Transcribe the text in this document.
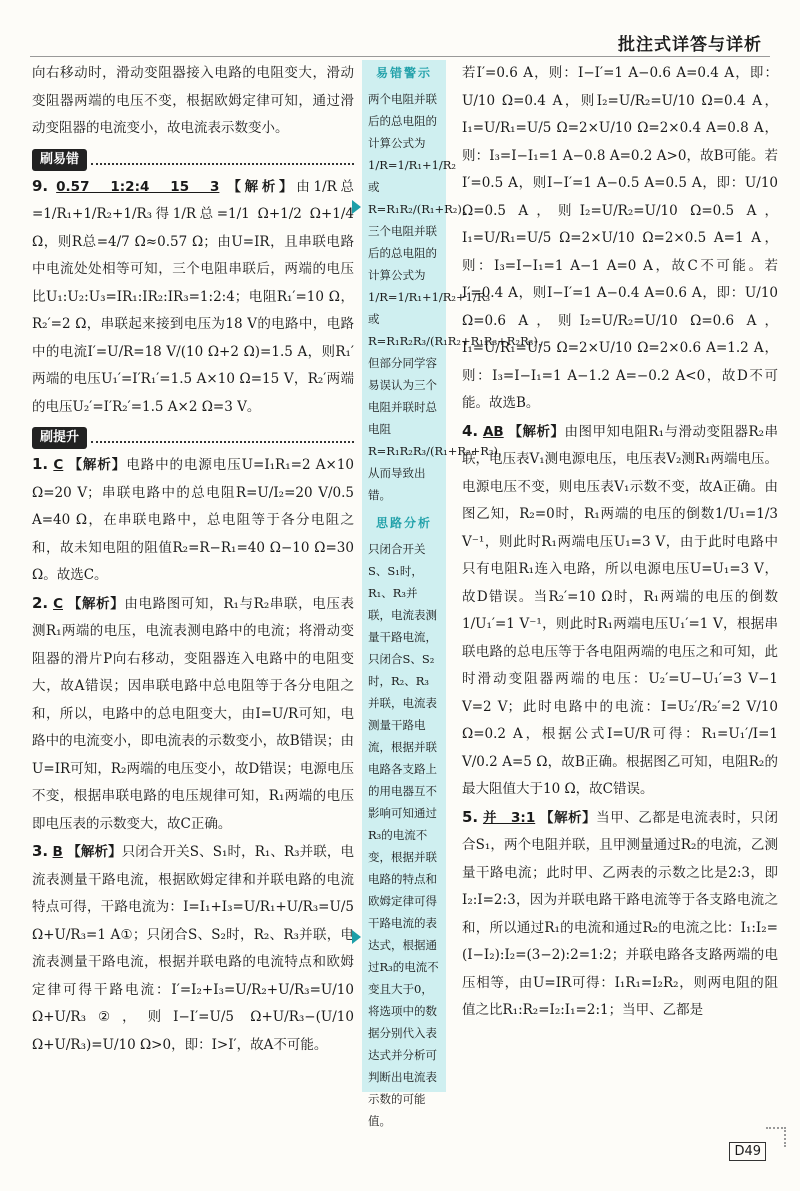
批注式详答与详析

向右移动时，滑动变阻器接入电路的电阻变大，滑动变阻器两端的电压不变，根据欧姆定律可知，通过滑动变阻器的电流变小，故电流表示数变小。

刷易错

9. 0.57　1:2:4　15　3 【解析】由1/R总=1/R₁+1/R₂+1/R₃得1/R总=1/1 Ω+1/2 Ω+1/4 Ω，则R总=4/7 Ω≈0.57 Ω；由U=IR，且串联电路中电流处处相等可知，三个电阻串联后，两端的电压比U₁:U₂:U₃=IR₁:IR₂:IR₃=1:2:4；电阻R₁′=10 Ω，R₂′=2 Ω，串联起来接到电压为18 V的电路中，电路中的电流I′=U/R=18 V/(10 Ω+2 Ω)=1.5 A，则R₁′两端的电压U₁′=I′R₁′=1.5 A×10 Ω=15 V，R₂′两端的电压U₂′=I′R₂′=1.5 A×2 Ω=3 V。

刷提升

1. C 【解析】电路中的电源电压U=I₁R₁=2 A×10 Ω=20 V；串联电路中的总电阻R=U/I₂=20 V/0.5 A=40 Ω，在串联电路中，总电阻等于各分电阻之和，故未知电阻的阻值R₂=R−R₁=40 Ω−10 Ω=30 Ω。故选C。

2. C 【解析】由电路图可知，R₁与R₂串联，电压表测R₁两端的电压，电流表测电路中的电流；将滑动变阻器的滑片P向右移动，变阻器连入电路中的电阻变大，故A错误；因串联电路中总电阻等于各分电阻之和，所以，电路中的总电阻变大，由I=U/R可知，电路中的电流变小，即电流表的示数变小，故B错误；由U=IR可知，R₂两端的电压变小，故D错误；电源电压不变，根据串联电路的电压规律可知，R₁两端的电压即电压表的示数变大，故C正确。

3. B 【解析】只闭合开关S、S₁时，R₁、R₃并联，电流表测量干路电流，根据欧姆定律和并联电路的电流特点可得，干路电流为：I=I₁+I₃=U/R₁+U/R₃=U/5 Ω+U/R₃=1 A①；只闭合S、S₂时，R₂、R₃并联，电流表测量干路电流，根据并联电路的电流特点和欧姆定律可得干路电流：I′=I₂+I₃=U/R₂+U/R₃=U/10 Ω+U/R₃②，则I−I′=U/5 Ω+U/R₃−(U/10 Ω+U/R₃)=U/10 Ω>0，即：I>I′，故A不可能。

易错警示

两个电阻并联后的总电阻的计算公式为1/R=1/R₁+1/R₂或R=R₁R₂/(R₁+R₂)，三个电阻并联后的总电阻的计算公式为1/R=1/R₁+1/R₂+1/R₃或R=R₁R₂R₃/(R₁R₂+R₁R₃+R₂R₃)，但部分同学容易误认为三个电阻并联时总电阻R=R₁R₂R₃/(R₁+R₂+R₃)，从而导致出错。

思路分析

只闭合开关S、S₁时，R₁、R₃并联，电流表测量干路电流，只闭合S、S₂时，R₂、R₃并联，电流表测量干路电流，根据并联电路各支路上的用电器互不影响可知通过R₃的电流不变，根据并联电路的特点和欧姆定律可得干路电流的表达式，根据通过R₃的电流不变且大于0，将选项中的数据分别代入表达式并分析可判断出电流表示数的可能值。

若I′=0.6 A，则：I−I′=1 A−0.6 A=0.4 A，即：U/10 Ω=0.4 A，则I₂=U/R₂=U/10 Ω=0.4 A，I₁=U/R₁=U/5 Ω=2×U/10 Ω=2×0.4 A=0.8 A，则：I₃=I−I₁=1 A−0.8 A=0.2 A>0，故B可能。若I′=0.5 A，则I−I′=1 A−0.5 A=0.5 A，即：U/10 Ω=0.5 A，则I₂=U/R₂=U/10 Ω=0.5 A，I₁=U/R₁=U/5 Ω=2×U/10 Ω=2×0.5 A=1 A，则：I₃=I−I₁=1 A−1 A=0 A，故C不可能。若I′=0.4 A，则I−I′=1 A−0.4 A=0.6 A，即：U/10 Ω=0.6 A，则I₂=U/R₂=U/10 Ω=0.6 A，I₁=U/R₁=U/5 Ω=2×U/10 Ω=2×0.6 A=1.2 A，则：I₃=I−I₁=1 A−1.2 A=−0.2 A<0，故D不可能。故选B。

4. AB 【解析】由图甲知电阻R₁与滑动变阻器R₂串联，电压表V₁测电源电压，电压表V₂测R₁两端电压。电源电压不变，则电压表V₁示数不变，故A正确。由图乙知，R₂=0时，R₁两端的电压的倒数1/U₁=1/3 V⁻¹，则此时R₁两端电压U₁=3 V，由于此时电路中只有电阻R₁连入电路，所以电源电压U=U₁=3 V，故D错误。当R₂′=10 Ω时，R₁两端的电压的倒数1/U₁′=1 V⁻¹，则此时R₁两端电压U₁′=1 V，根据串联电路的总电压等于各电阻两端的电压之和可知，此时滑动变阻器两端的电压：U₂′=U−U₁′=3 V−1 V=2 V；此时电路中的电流：I=U₂′/R₂′=2 V/10 Ω=0.2 A，根据公式I=U/R可得：R₁=U₁′/I=1 V/0.2 A=5 Ω，故B正确。根据图乙可知，电阻R₂的最大阻值大于10 Ω，故C错误。

5. 并　3:1 【解析】当甲、乙都是电流表时，只闭合S₁，两个电阻并联，且甲测量通过R₂的电流，乙测量干路电流；此时甲、乙两表的示数之比是2:3，即I₂:I=2:3，因为并联电路干路电流等于各支路电流之和，所以通过R₁的电流和通过R₂的电流之比：I₁:I₂=(I−I₂):I₂=(3−2):2=1:2；并联电路各支路两端的电压相等，由U=IR可得：I₁R₁=I₂R₂，则两电阻的阻值之比R₁:R₂=I₂:I₁=2:1；当甲、乙都是

D49
